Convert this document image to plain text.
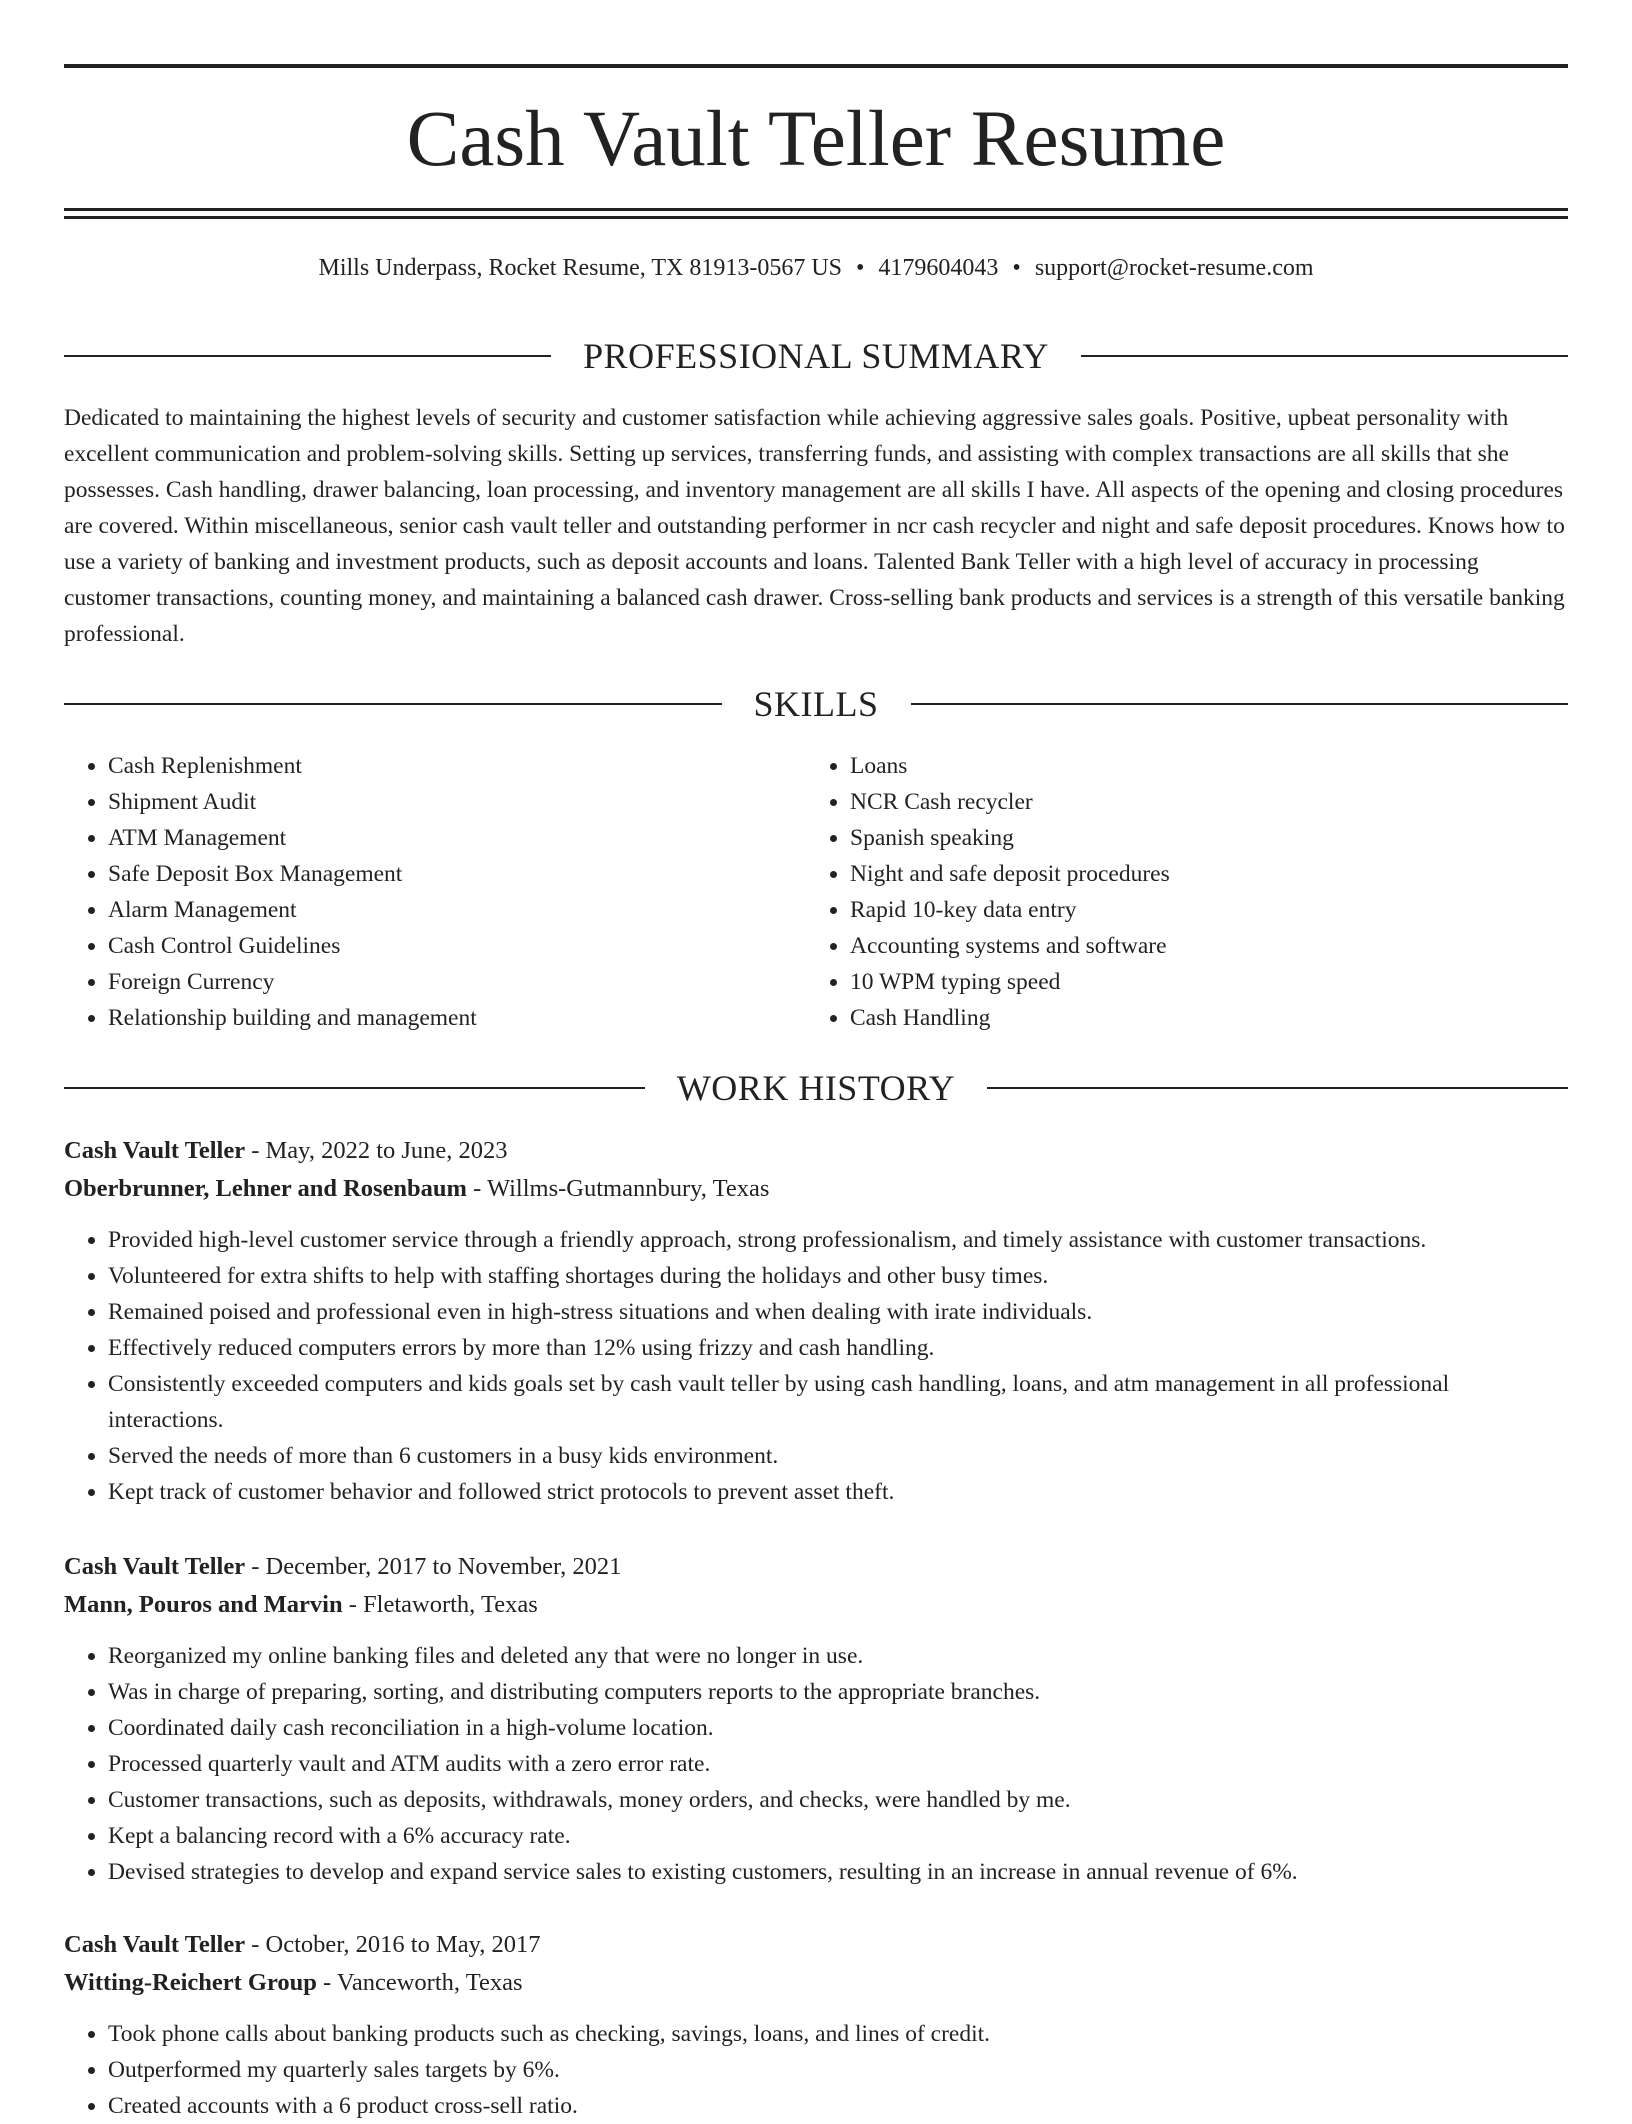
Cash Vault Teller Resume
Mills Underpass, Rocket Resume, TX 81913-0567 US • 4179604043 • support@rocket-resume.com
PROFESSIONAL SUMMARY

Dedicated to maintaining the highest levels of security and customer satisfaction while achieving aggressive sales goals. Positive, upbeat personality with excellent communication and problem-solving skills. Setting up services, transferring funds, and assisting with complex transactions are all skills that she possesses. Cash handling, drawer balancing, loan processing, and inventory management are all skills I have. All aspects of the opening and closing procedures are covered. Within miscellaneous, senior cash vault teller and outstanding performer in ncr cash recycler and night and safe deposit procedures. Knows how to use a variety of banking and investment products, such as deposit accounts and loans. Talented Bank Teller with a high level of accuracy in processing customer transactions, counting money, and maintaining a balanced cash drawer. Cross-selling bank products and services is a strength of this versatile banking professional.

SKILLS
• Cash Replenishment
• Shipment Audit
• ATM Management
• Safe Deposit Box Management
• Alarm Management
• Cash Control Guidelines
• Foreign Currency
• Relationship building and management
• Loans
• NCR Cash recycler
• Spanish speaking
• Night and safe deposit procedures
• Rapid 10-key data entry
• Accounting systems and software
• 10 WPM typing speed
• Cash Handling
WORK HISTORY

Cash Vault Teller - May, 2022 to June, 2023

Oberbrunner, Lehner and Rosenbaum - Willms-Gutmannbury, Texas

• Provided high-level customer service through a friendly approach, strong professionalism, and timely assistance with customer transactions.
• Volunteered for extra shifts to help with staffing shortages during the holidays and other busy times.
• Remained poised and professional even in high-stress situations and when dealing with irate individuals.
• Effectively reduced computers errors by more than 12% using frizzy and cash handling.
• Consistently exceeded computers and kids goals set by cash vault teller by using cash handling, loans, and atm management in all professional interactions.
• Served the needs of more than 6 customers in a busy kids environment.
• Kept track of customer behavior and followed strict protocols to prevent asset theft.

Cash Vault Teller - December, 2017 to November, 2021

Mann, Pouros and Marvin - Fletaworth, Texas

• Reorganized my online banking files and deleted any that were no longer in use.
• Was in charge of preparing, sorting, and distributing computers reports to the appropriate branches.
• Coordinated daily cash reconciliation in a high-volume location.
• Processed quarterly vault and ATM audits with a zero error rate.
• Customer transactions, such as deposits, withdrawals, money orders, and checks, were handled by me.
• Kept a balancing record with a 6% accuracy rate.
• Devised strategies to develop and expand service sales to existing customers, resulting in an increase in annual revenue of 6%.

Cash Vault Teller - October, 2016 to May, 2017

Witting-Reichert Group - Vanceworth, Texas

• Took phone calls about banking products such as checking, savings, loans, and lines of credit.
• Outperformed my quarterly sales targets by 6%.
• Created accounts with a 6 product cross-sell ratio.
